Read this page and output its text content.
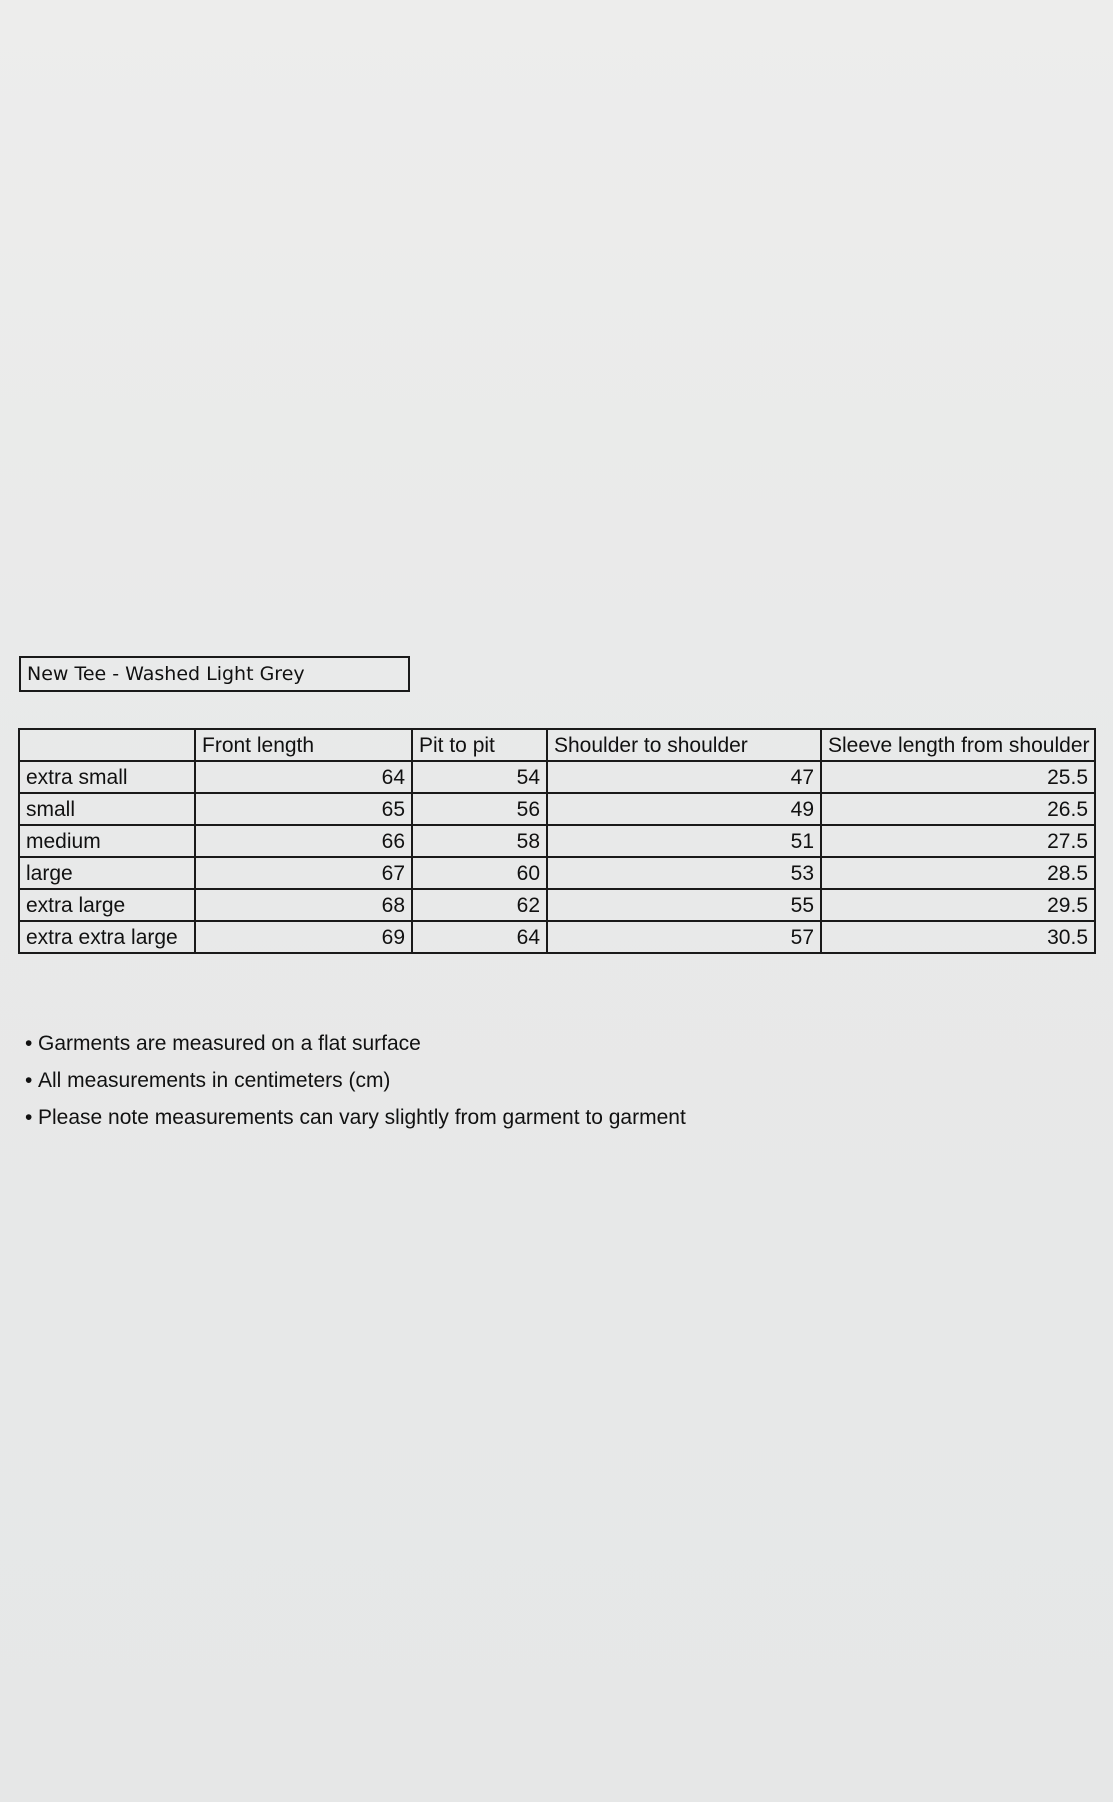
New Tee - Washed Light Grey
	Front length	Pit to pit	Shoulder to shoulder	Sleeve length from shoulder
extra small	64	54	47	25.5
small	65	56	49	26.5
medium	66	58	51	27.5
large	67	60	53	28.5
extra large	68	62	55	29.5
extra extra large	69	64	57	30.5
• Garments are measured on a flat surface
• All measurements in centimeters (cm)
• Please note measurements can vary slightly from garment to garment
